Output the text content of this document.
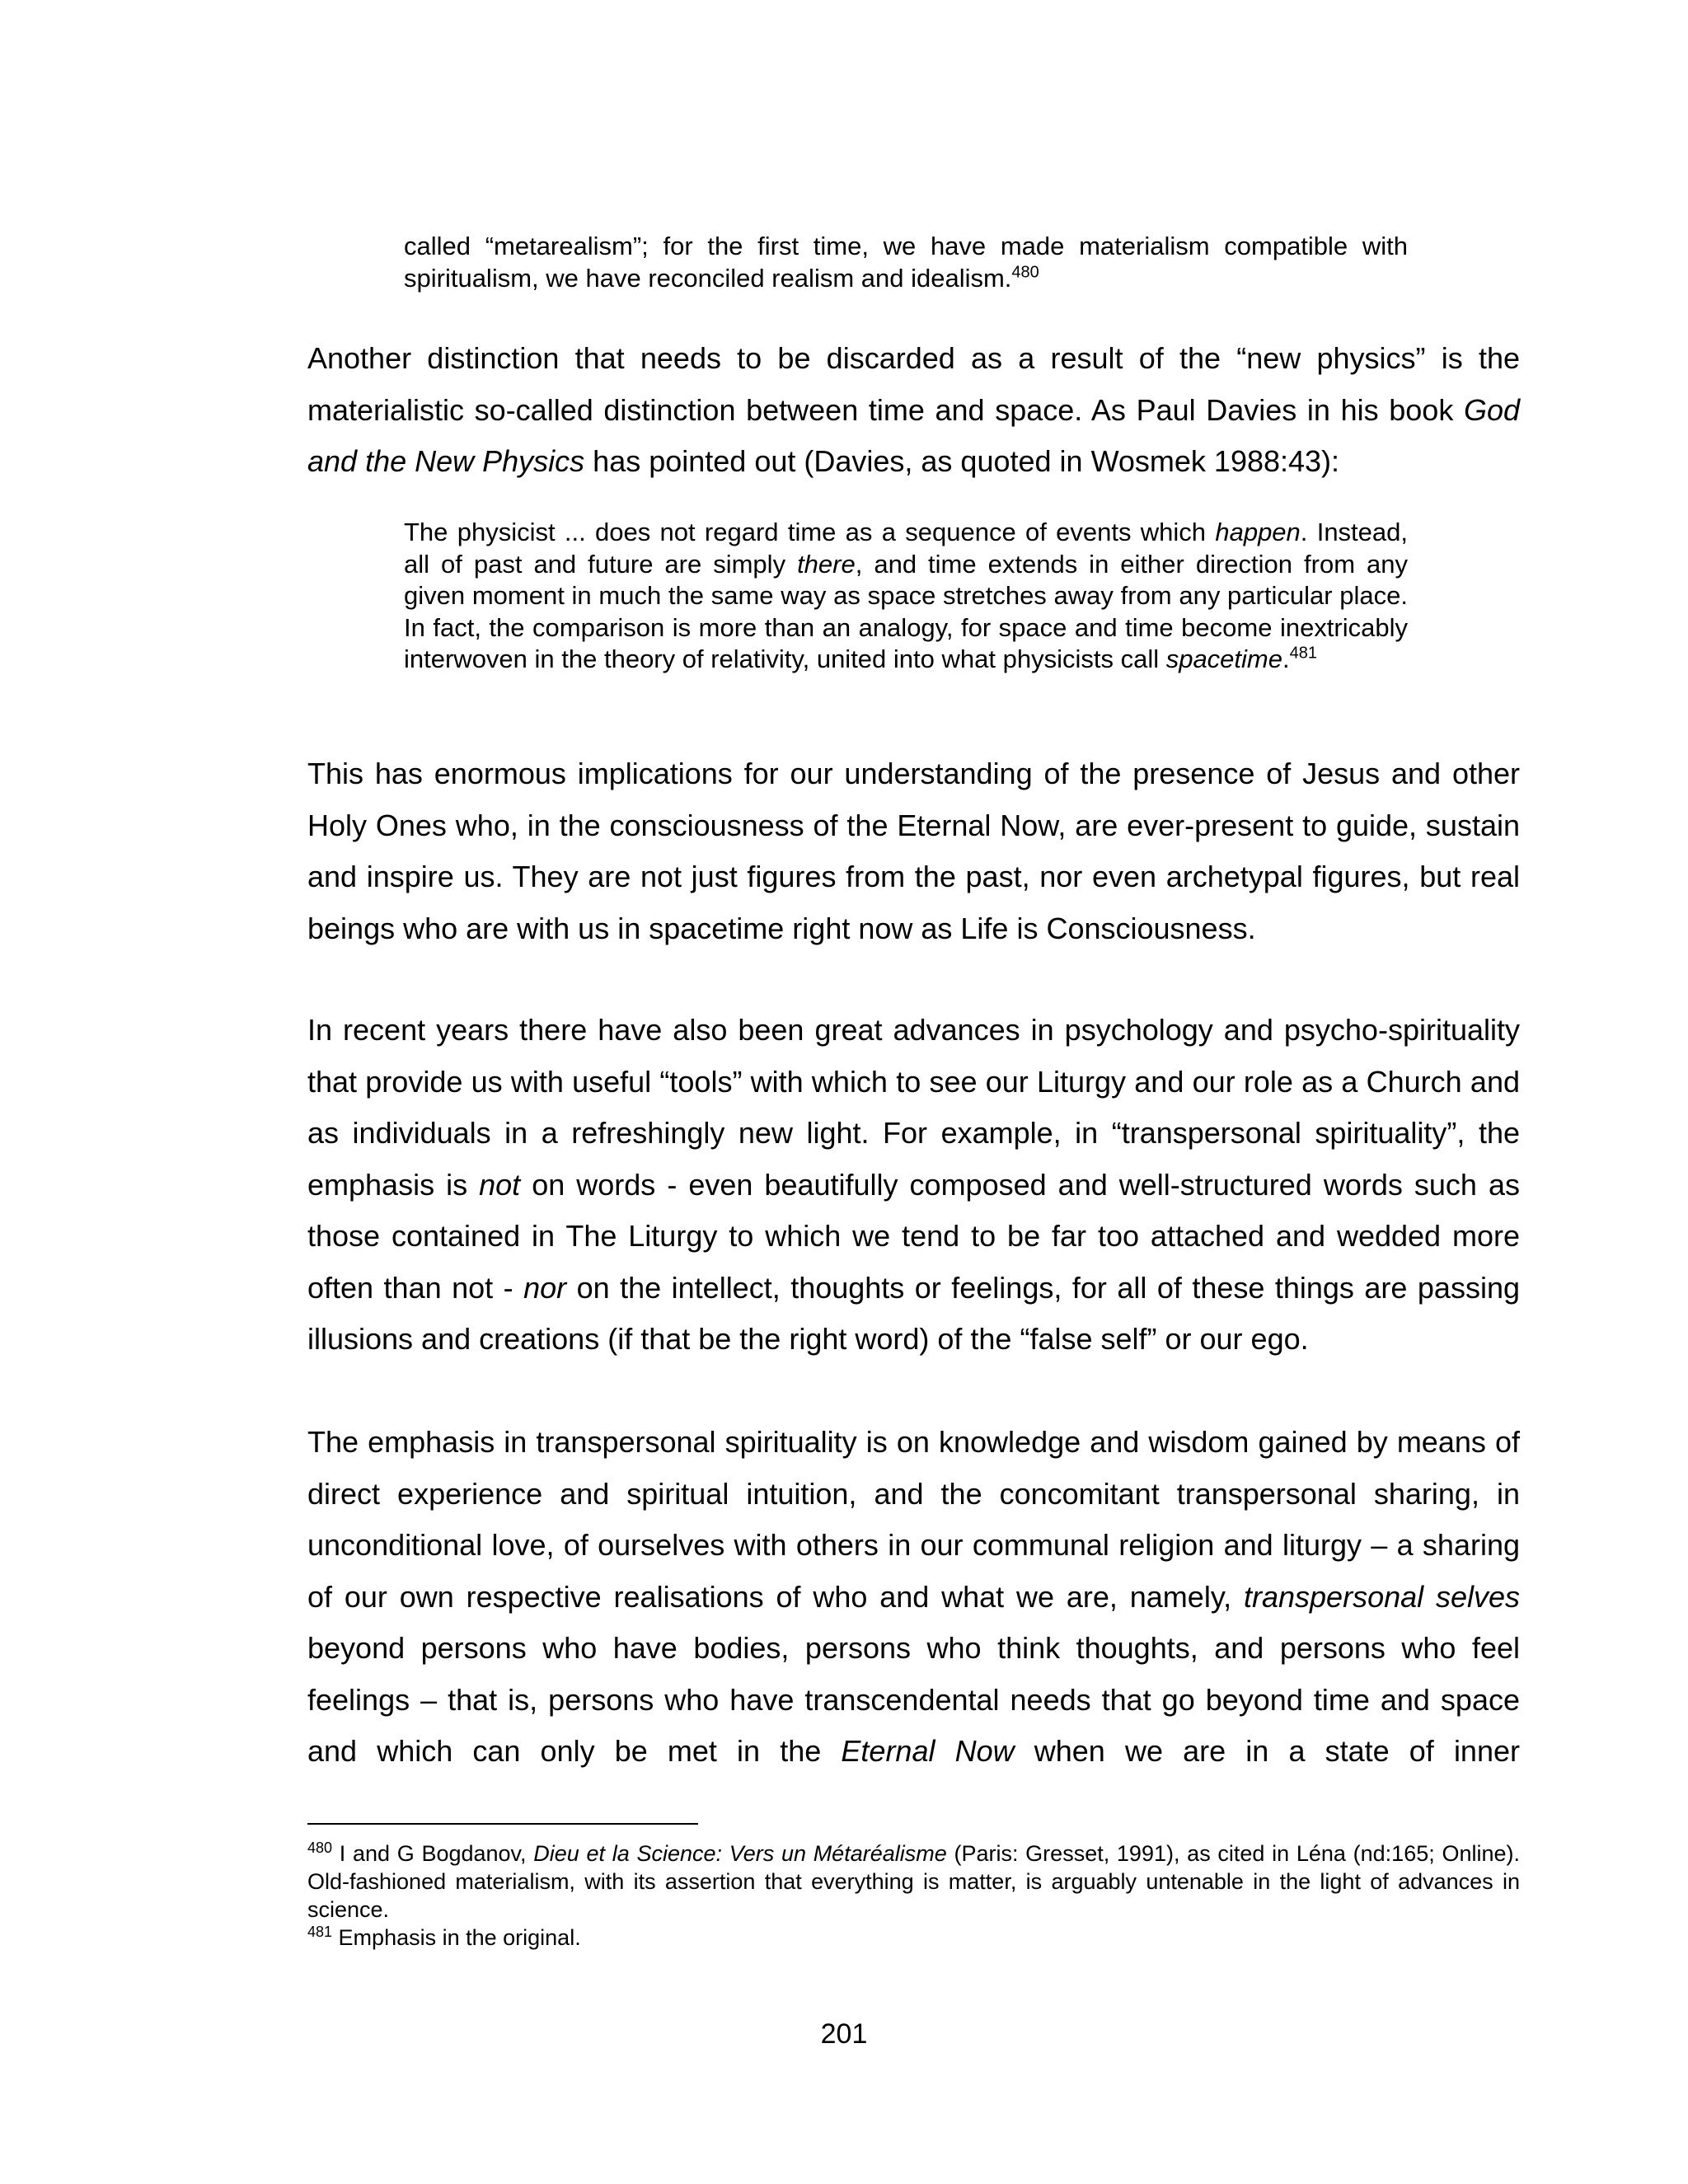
called “metarealism”; for the first time, we have made materialism compatible with spiritualism, we have reconciled realism and idealism.$^{480}$

Another distinction that needs to be discarded as a result of the “new physics” is the materialistic so-called distinction between time and space. As Paul Davies in his book God and the New Physics has pointed out (Davies, as quoted in Wosmek 1988:43):

The physicist ... does not regard time as a sequence of events which happen. Instead, all of past and future are simply there, and time extends in either direction from any given moment in much the same way as space stretches away from any particular place. In fact, the comparison is more than an analogy, for space and time become inextricably interwoven in the theory of relativity, united into what physicists call spacetime.$^{481}$

This has enormous implications for our understanding of the presence of Jesus and other Holy Ones who, in the consciousness of the Eternal Now, are ever-present to guide, sustain and inspire us. They are not just figures from the past, nor even archetypal figures, but real beings who are with us in spacetime right now as Life is Consciousness.

In recent years there have also been great advances in psychology and psycho-spirituality that provide us with useful “tools” with which to see our Liturgy and our role as a Church and as individuals in a refreshingly new light. For example, in “transpersonal spirituality”, the emphasis is not on words - even beautifully composed and well-structured words such as those contained in The Liturgy to which we tend to be far too attached and wedded more often than not - nor on the intellect, thoughts or feelings, for all of these things are passing illusions and creations (if that be the right word) of the “false self” or our ego.

The emphasis in transpersonal spirituality is on knowledge and wisdom gained by means of direct experience and spiritual intuition, and the concomitant transpersonal sharing, in unconditional love, of ourselves with others in our communal religion and liturgy – a sharing of our own respective realisations of who and what we are, namely, transpersonal selves beyond persons who have bodies, persons who think thoughts, and persons who feel feelings – that is, persons who have transcendental needs that go beyond time and space and which can only be met in the Eternal Now when we are in a state of inner

$^{480}$ I and G Bogdanov, Dieu et la Science: Vers un Métaréalisme (Paris: Gresset, 1991), as cited in Léna (nd:165; Online). Old-fashioned materialism, with its assertion that everything is matter, is arguably untenable in the light of advances in science.

$^{481}$ Emphasis in the original.

201
